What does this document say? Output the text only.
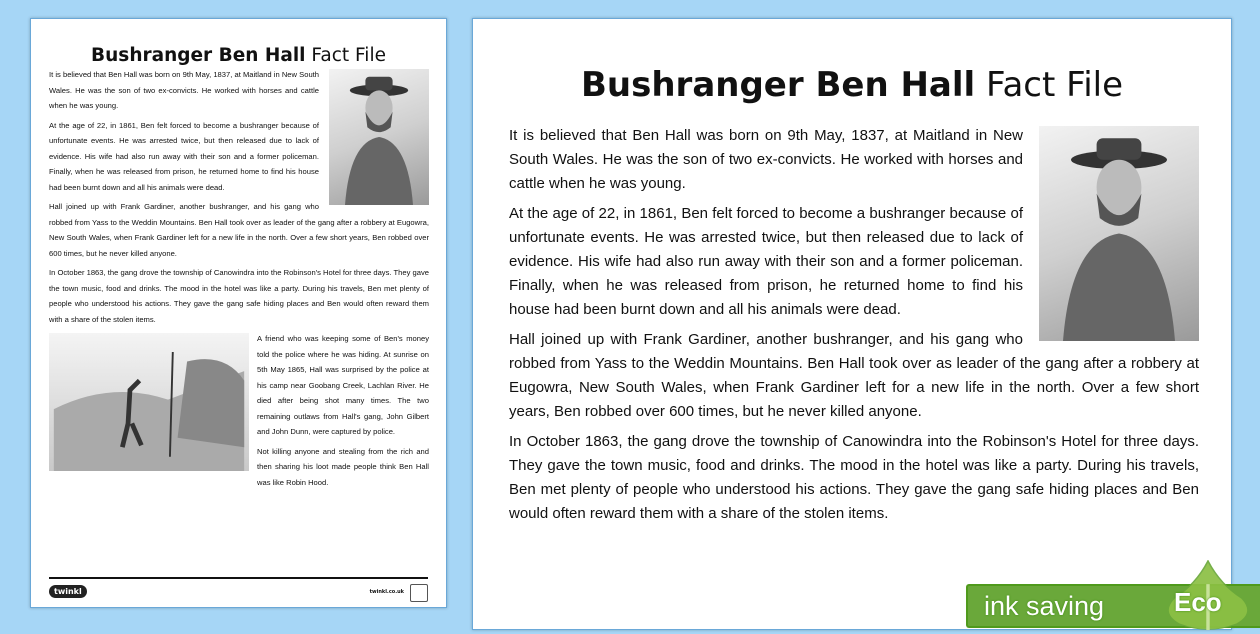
Bushranger Ben Hall Fact File

It is believed that Ben Hall was born on 9th May, 1837, at Maitland in New South Wales. He was the son of two ex-convicts. He worked with horses and cattle when he was young.

At the age of 22, in 1861, Ben felt forced to become a bushranger because of unfortunate events. He was arrested twice, but then released due to lack of evidence. His wife had also run away with their son and a former policeman. Finally, when he was released from prison, he returned home to find his house had been burnt down and all his animals were dead.

Hall joined up with Frank Gardiner, another bushranger, and his gang who robbed from Yass to the Weddin Mountains. Ben Hall took over as leader of the gang after a robbery at Eugowra, New South Wales, when Frank Gardiner left for a new life in the north. Over a few short years, Ben robbed over 600 times, but he never killed anyone.

In October 1863, the gang drove the township of Canowindra into the Robinson's Hotel for three days. They gave the town music, food and drinks. The mood in the hotel was like a party. During his travels, Ben met plenty of people who understood his actions. They gave the gang safe hiding places and Ben would often reward them with a share of the stolen items.

A friend who was keeping some of Ben's money told the police where he was hiding. At sunrise on 5th May 1865, Hall was surprised by the police at his camp near Goobang Creek, Lachlan River. He died after being shot many times. The two remaining outlaws from Hall's gang, John Gilbert and John Dunn, were captured by police.

Not killing anyone and stealing from the rich and then sharing his loot made people think Ben Hall was like Robin Hood.

twinkl	twinkl.co.uk
Bushranger Ben Hall Fact File

It is believed that Ben Hall was born on 9th May, 1837, at Maitland in New South Wales. He was the son of two ex-convicts. He worked with horses and cattle when he was young.

At the age of 22, in 1861, Ben felt forced to become a bushranger because of unfortunate events. He was arrested twice, but then released due to lack of evidence. His wife had also run away with their son and a former policeman. Finally, when he was released from prison, he returned home to find his house had been burnt down and all his animals were dead.

Hall joined up with Frank Gardiner, another bushranger, and his gang who robbed from Yass to the Weddin Mountains. Ben Hall took over as leader of the gang after a robbery at Eugowra, New South Wales, when Frank Gardiner left for a new life in the north. Over a few short years, Ben robbed over 600 times, but he never killed anyone.

In October 1863, the gang drove the township of Canowindra into the Robinson's Hotel for three days. They gave the town music, food and drinks. The mood in the hotel was like a party. During his travels, Ben met plenty of people who understood his actions. They gave the gang safe hiding places and Ben would often reward them with a share of the stolen items.

ink saving	Eco
